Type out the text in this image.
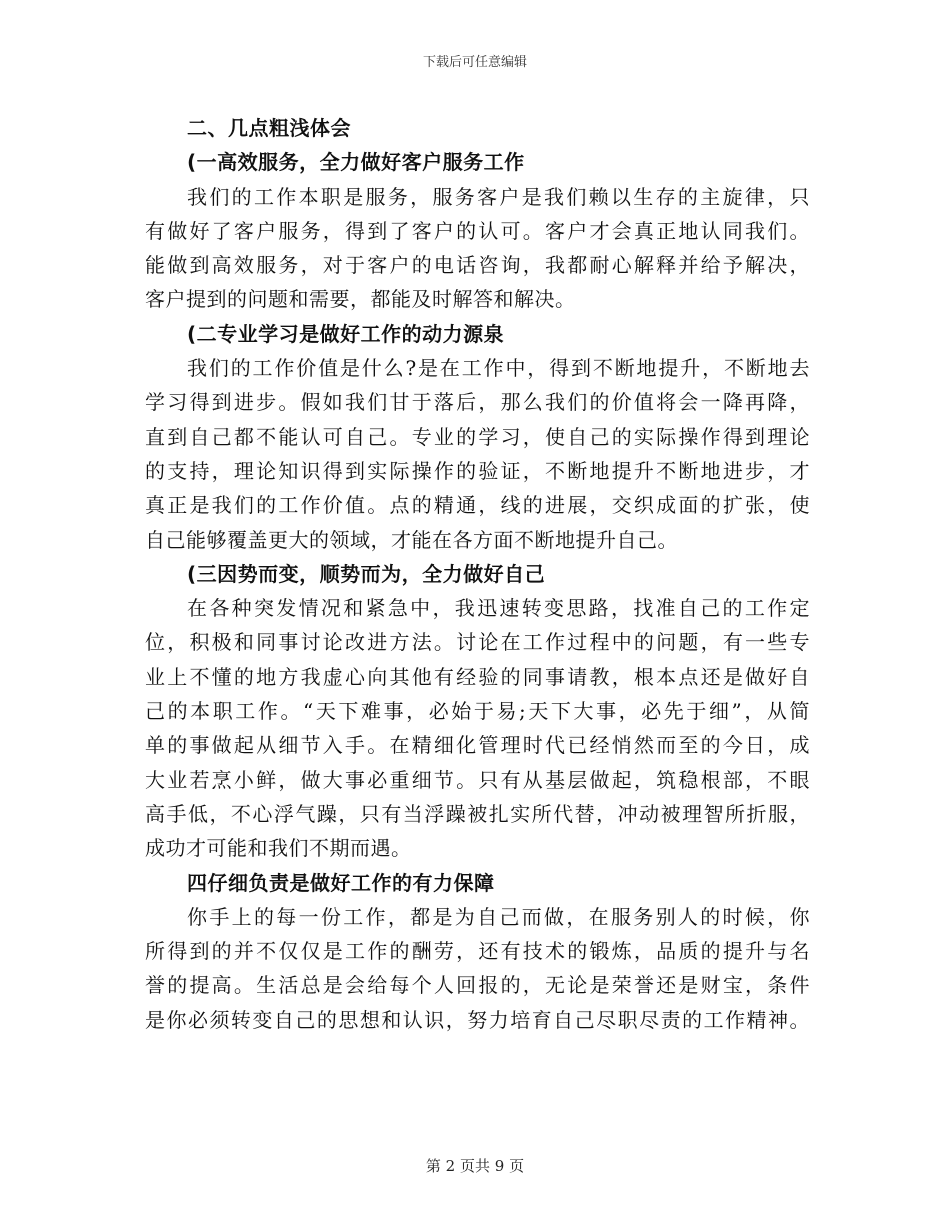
下载后可任意编辑
二、几点粗浅体会
(一高效服务，全力做好客户服务工作
我们的工作本职是服务，服务客户是我们赖以生存的主旋律，只
有做好了客户服务，得到了客户的认可。客户才会真正地认同我们。
能做到高效服务，对于客户的电话咨询，我都耐心解释并给予解决，
客户提到的问题和需要，都能及时解答和解决。
(二专业学习是做好工作的动力源泉
我们的工作价值是什么?是在工作中，得到不断地提升，不断地去
学习得到进步。假如我们甘于落后，那么我们的价值将会一降再降，
直到自己都不能认可自己。专业的学习，使自己的实际操作得到理论
的支持，理论知识得到实际操作的验证，不断地提升不断地进步，才
真正是我们的工作价值。点的精通，线的进展，交织成面的扩张，使
自己能够覆盖更大的领域，才能在各方面不断地提升自己。
(三因势而变，顺势而为，全力做好自己
在各种突发情况和紧急中，我迅速转变思路，找准自己的工作定
位，积极和同事讨论改进方法。讨论在工作过程中的问题，有一些专
业上不懂的地方我虚心向其他有经验的同事请教，根本点还是做好自
己的本职工作。“天下难事，必始于易;天下大事，必先于细”，从简
单的事做起从细节入手。在精细化管理时代已经悄然而至的今日，成
大业若烹小鲜，做大事必重细节。只有从基层做起，筑稳根部，不眼
高手低，不心浮气躁，只有当浮躁被扎实所代替，冲动被理智所折服，
成功才可能和我们不期而遇。
四仔细负责是做好工作的有力保障
你手上的每一份工作，都是为自己而做，在服务别人的时候，你
所得到的并不仅仅是工作的酬劳，还有技术的锻炼，品质的提升与名
誉的提高。生活总是会给每个人回报的，无论是荣誉还是财宝，条件
是你必须转变自己的思想和认识，努力培育自己尽职尽责的工作精神。
第 2 页共 9 页
